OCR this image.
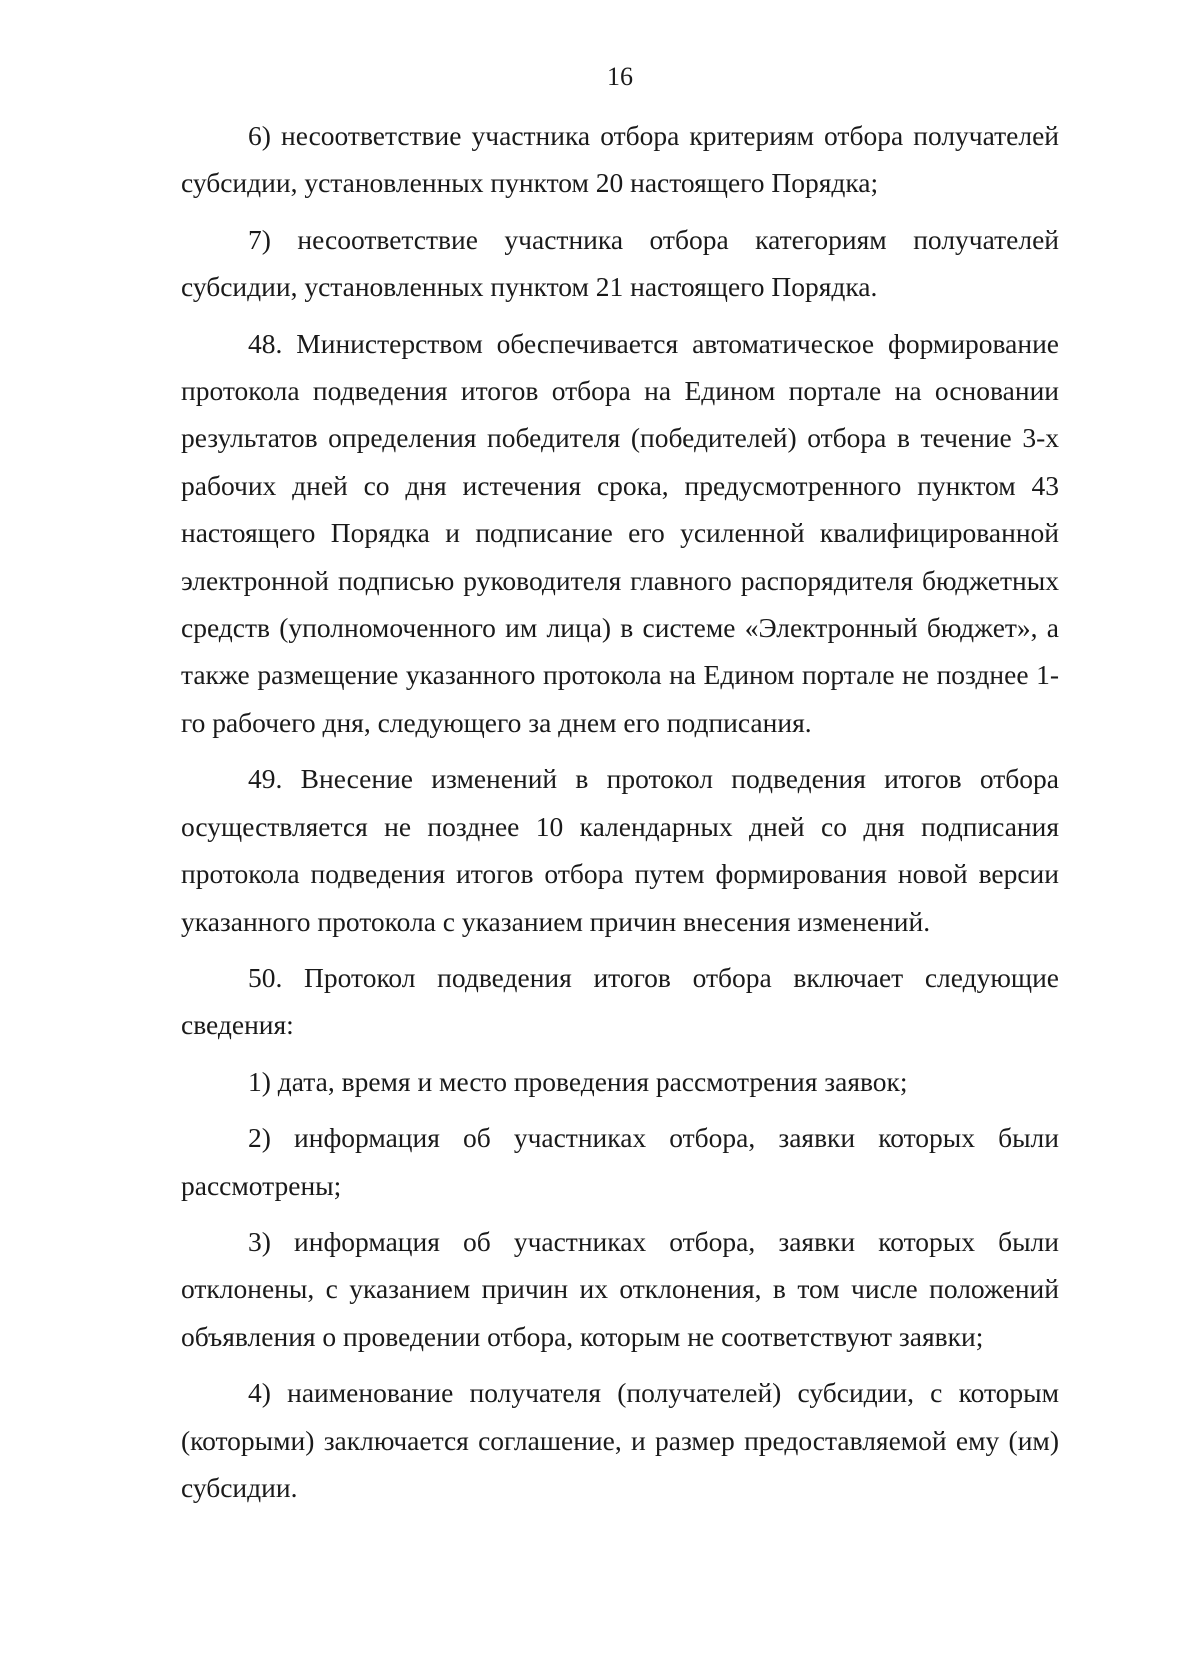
16

6) несоответствие участника отбора критериям отбора получателей субсидии, установленных пунктом 20 настоящего Порядка;

7) несоответствие участника отбора категориям получателей субсидии, установленных пунктом 21 настоящего Порядка.

48. Министерством обеспечивается автоматическое формирование протокола подведения итогов отбора на Едином портале на основании результатов определения победителя (победителей) отбора в течение 3-х рабочих дней со дня истечения срока, предусмотренного пунктом 43 настоящего Порядка и подписание его усиленной квалифицированной электронной подписью руководителя главного распорядителя бюджетных средств (уполномоченного им лица) в системе «Электронный бюджет», а также размещение указанного протокола на Едином портале не позднее 1-го рабочего дня, следующего за днем его подписания.

49. Внесение изменений в протокол подведения итогов отбора осуществляется не позднее 10 календарных дней со дня подписания протокола подведения итогов отбора путем формирования новой версии указанного протокола с указанием причин внесения изменений.

50. Протокол подведения итогов отбора включает следующие сведения:

1) дата, время и место проведения рассмотрения заявок;

2) информация об участниках отбора, заявки которых были рассмотрены;

3) информация об участниках отбора, заявки которых были отклонены, с указанием причин их отклонения, в том числе положений объявления о проведении отбора, которым не соответствуют заявки;

4) наименование получателя (получателей) субсидии, с которым (которыми) заключается соглашение, и размер предоставляемой ему (им) субсидии.
